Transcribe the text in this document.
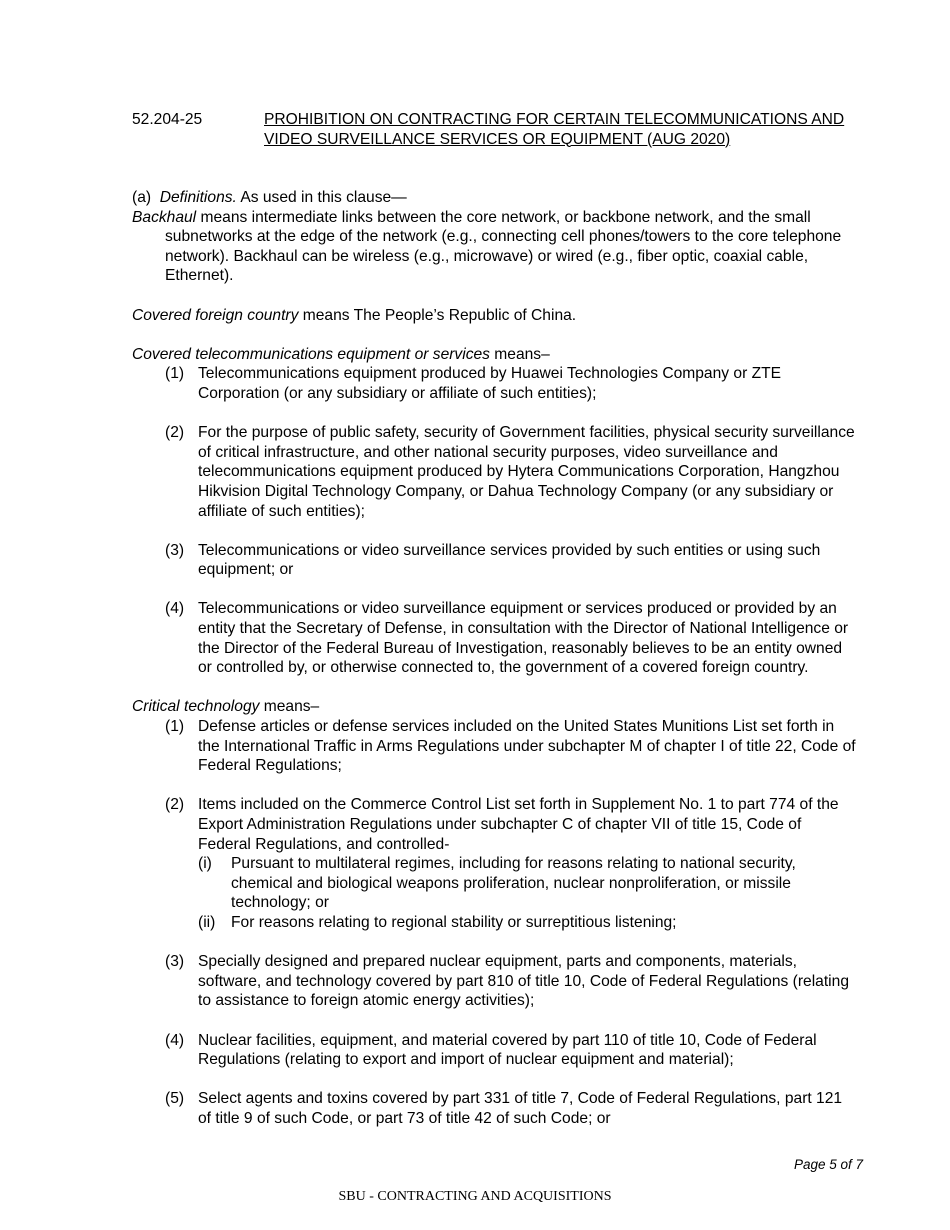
52.204-25	PROHIBITION ON CONTRACTING FOR CERTAIN TELECOMMUNICATIONS AND VIDEO SURVEILLANCE SERVICES OR EQUIPMENT (AUG 2020)

(a) Definitions. As used in this clause—

Backhaul means intermediate links between the core network, or backbone network, and the small subnetworks at the edge of the network (e.g., connecting cell phones/towers to the core telephone network). Backhaul can be wireless (e.g., microwave) or wired (e.g., fiber optic, coaxial cable, Ethernet).

Covered foreign country means The People’s Republic of China.

Covered telecommunications equipment or services means–

(1) Telecommunications equipment produced by Huawei Technologies Company or ZTE Corporation (or any subsidiary or affiliate of such entities);
(2) For the purpose of public safety, security of Government facilities, physical security surveillance of critical infrastructure, and other national security purposes, video surveillance and telecommunications equipment produced by Hytera Communications Corporation, Hangzhou Hikvision Digital Technology Company, or Dahua Technology Company (or any subsidiary or affiliate of such entities);
(3) Telecommunications or video surveillance services provided by such entities or using such equipment; or
(4) Telecommunications or video surveillance equipment or services produced or provided by an entity that the Secretary of Defense, in consultation with the Director of National Intelligence or the Director of the Federal Bureau of Investigation, reasonably believes to be an entity owned or controlled by, or otherwise connected to, the government of a covered foreign country.

Critical technology means–

(1) Defense articles or defense services included on the United States Munitions List set forth in the International Traffic in Arms Regulations under subchapter M of chapter I of title 22, Code of Federal Regulations;
(2) Items included on the Commerce Control List set forth in Supplement No. 1 to part 774 of the Export Administration Regulations under subchapter C of chapter VII of title 15, Code of Federal Regulations, and controlled-
(i)	Pursuant to multilateral regimes, including for reasons relating to national security, chemical and biological weapons proliferation, nuclear nonproliferation, or missile technology; or
(ii)	For reasons relating to regional stability or surreptitious listening;
(3) Specially designed and prepared nuclear equipment, parts and components, materials, software, and technology covered by part 810 of title 10, Code of Federal Regulations (relating to assistance to foreign atomic energy activities);
(4) Nuclear facilities, equipment, and material covered by part 110 of title 10, Code of Federal Regulations (relating to export and import of nuclear equipment and material);
(5) Select agents and toxins covered by part 331 of title 7, Code of Federal Regulations, part 121 of title 9 of such Code, or part 73 of title 42 of such Code; or
Page 5 of 7
SBU - CONTRACTING AND ACQUISITIONS
